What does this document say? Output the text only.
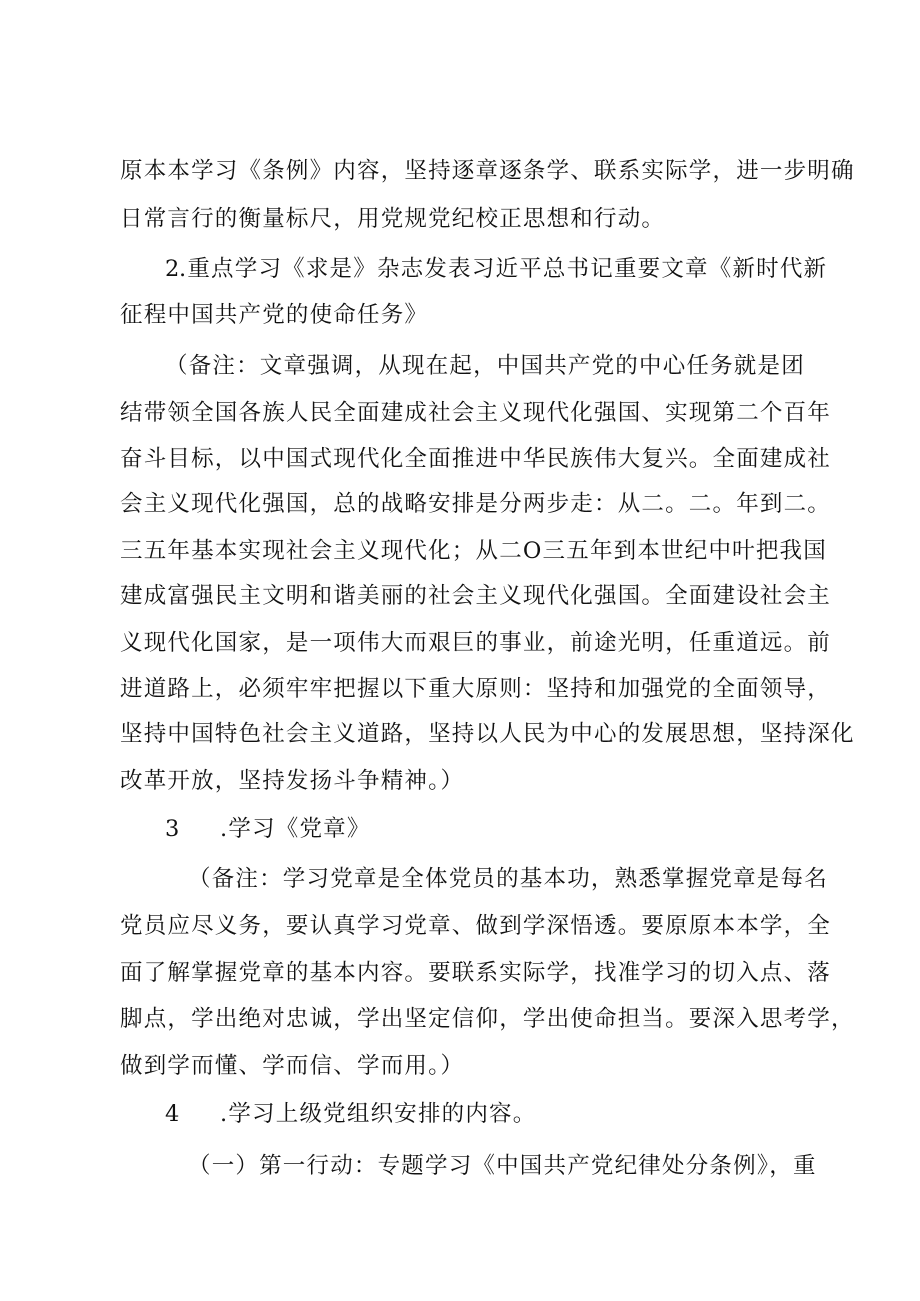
原本本学习《条例》内容，坚持逐章逐条学、联系实际学，进一步明确
日常言行的衡量标尺，用党规党纪校正思想和行动。
2.重点学习《求是》杂志发表习近平总书记重要文章《新时代新
征程中国共产党的使命任务》
（备注：文章强调，从现在起，中国共产党的中心任务就是团
结带领全国各族人民全面建成社会主义现代化强国、实现第二个百年
奋斗目标，以中国式现代化全面推进中华民族伟大复兴。全面建成社
会主义现代化强国，总的战略安排是分两步走：从二。二。年到二。
三五年基本实现社会主义现代化；从二O三五年到本世纪中叶把我国
建成富强民主文明和谐美丽的社会主义现代化强国。全面建设社会主
义现代化国家，是一项伟大而艰巨的事业，前途光明，任重道远。前
进道路上，必须牢牢把握以下重大原则：坚持和加强党的全面领导，
坚持中国特色社会主义道路，坚持以人民为中心的发展思想，坚持深化
改革开放，坚持发扬斗争精神。）
3 .学习《党章》
（备注：学习党章是全体党员的基本功，熟悉掌握党章是每名
党员应尽义务，要认真学习党章、做到学深悟透。要原原本本学，全
面了解掌握党章的基本内容。要联系实际学，找准学习的切入点、落
脚点，学出绝对忠诚，学出坚定信仰，学出使命担当。要深入思考学，
做到学而懂、学而信、学而用。）
4 .学习上级党组织安排的内容。
（一）第一行动：专题学习《中国共产党纪律处分条例》，重
